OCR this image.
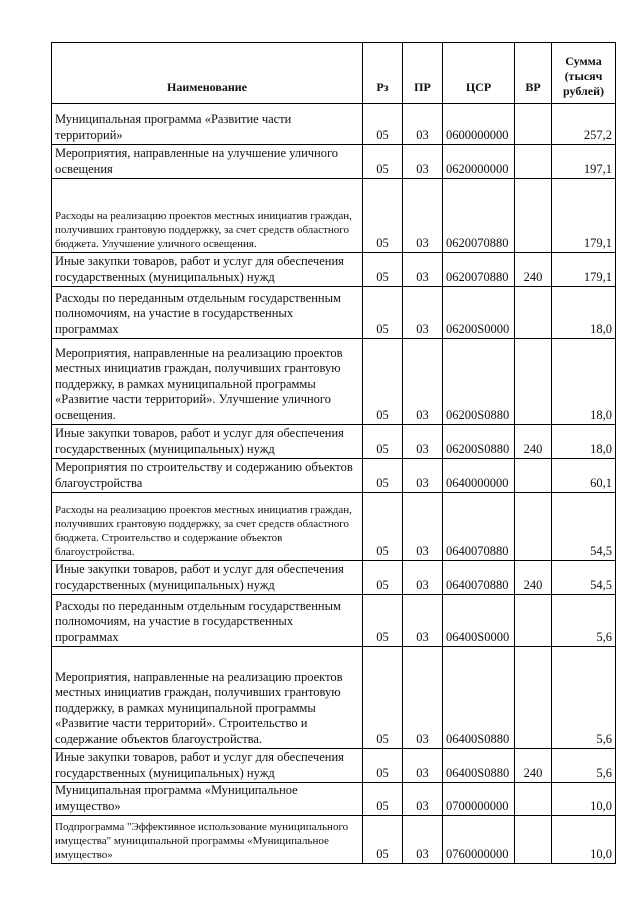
Наименование	Рз	ПР	ЦСР	ВР	Сумма (тысяч рублей)
Муниципальная программа «Развитие части территорий»	05	03	0600000000		257,2
Мероприятия, направленные на улучшение уличного освещения	05	03	0620000000		197,1
Расходы на реализацию проектов местных инициатив граждан, получивших грантовую поддержку, за счет средств областного бюджета. Улучшение уличного освещения.	05	03	0620070880		179,1
Иные закупки товаров, работ и услуг для обеспечения государственных (муниципальных) нужд	05	03	0620070880	240	179,1
Расходы по переданным отдельным государственным полномочиям, на участие в государственных программах	05	03	06200S0000		18,0
Мероприятия, направленные на реализацию проектов местных инициатив граждан, получивших грантовую поддержку, в рамках муниципальной программы «Развитие части территорий». Улучшение уличного освещения.	05	03	06200S0880		18,0
Иные закупки товаров, работ и услуг для обеспечения государственных (муниципальных) нужд	05	03	06200S0880	240	18,0
Мероприятия по строительству и содержанию объектов благоустройства	05	03	0640000000		60,1
Расходы на реализацию проектов местных инициатив граждан, получивших грантовую поддержку, за счет средств областного бюджета. Строительство и содержание объектов благоустройства.	05	03	0640070880		54,5
Иные закупки товаров, работ и услуг для обеспечения государственных (муниципальных) нужд	05	03	0640070880	240	54,5
Расходы по переданным отдельным государственным полномочиям, на участие в государственных программах	05	03	06400S0000		5,6
Мероприятия, направленные на реализацию проектов местных инициатив граждан, получивших грантовую поддержку, в рамках муниципальной программы «Развитие части территорий». Строительство и содержание объектов благоустройства.	05	03	06400S0880		5,6
Иные закупки товаров, работ и услуг для обеспечения государственных (муниципальных) нужд	05	03	06400S0880	240	5,6
Муниципальная программа «Муниципальное имущество»	05	03	0700000000		10,0
Подпрограмма "Эффективное использование муниципального имущества" муниципальной программы «Муниципальное имущество»	05	03	0760000000		10,0
